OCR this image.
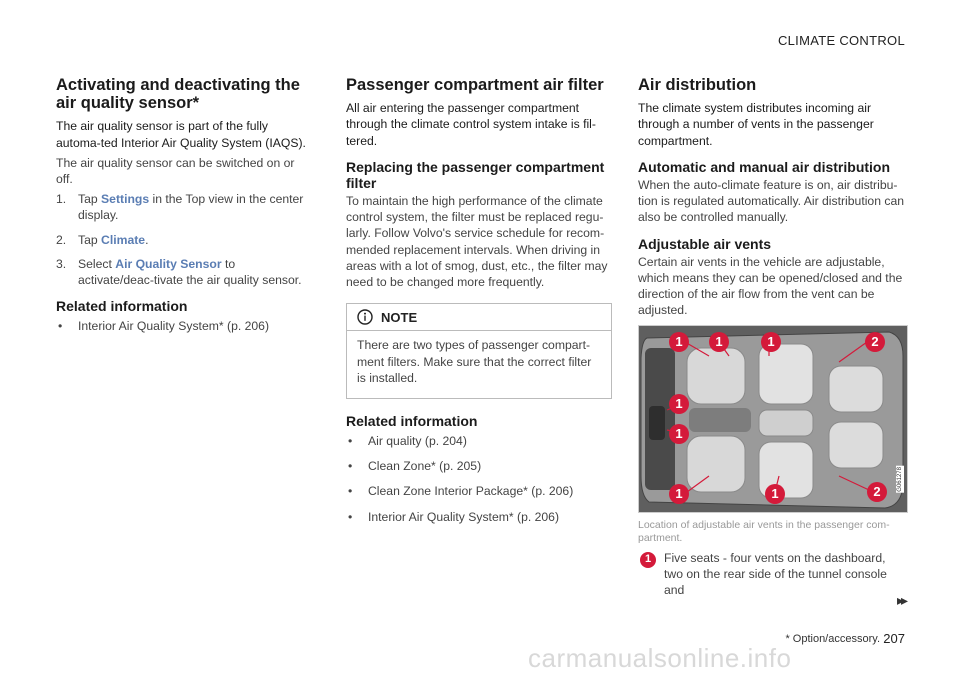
CLIMATE CONTROL
Activating and deactivating the air quality sensor*

The air quality sensor is part of the fully automa-ted Interior Air Quality System (IAQS).

The air quality sensor can be switched on or off.

1. Tap Settings in the Top view in the center display.
2. Tap Climate.
3. Select Air Quality Sensor to activate/deac-tivate the air quality sensor.
Related information
• Interior Air Quality System* (p. 206)
Passenger compartment air filter

All air entering the passenger compartment through the climate control system intake is fil-tered.

Replacing the passenger compartment filter

To maintain the high performance of the climate control system, the filter must be replaced regu-larly. Follow Volvo's service schedule for recom-mended replacement intervals. When driving in areas with a lot of smog, dust, etc., the filter may need to be changed more frequently.

NOTE

There are two types of passenger compart-ment filters. Make sure that the correct filter is installed.

Related information
• Air quality (p. 204)
• Clean Zone* (p. 205)
• Clean Zone Interior Package* (p. 206)
• Interior Air Quality System* (p. 206)
Air distribution

The climate system distributes incoming air through a number of vents in the passenger compartment.

Automatic and manual air distribution

When the auto-climate feature is on, air distribu-tion is regulated automatically. Air distribution can also be controlled manually.

Adjustable air vents

Certain air vents in the vehicle are adjustable, which means they can be opened/closed and the direction of the air flow from the vent can be adjusted.

1	1	1	2
1
1
1	1	2
G061278

Location of adjustable air vents in the passenger com-partment.

1	Five seats - four vents on the dashboard, two on the rear side of the tunnel console and
▸▸
* Option/accessory. 207
carmanualsonline.info
